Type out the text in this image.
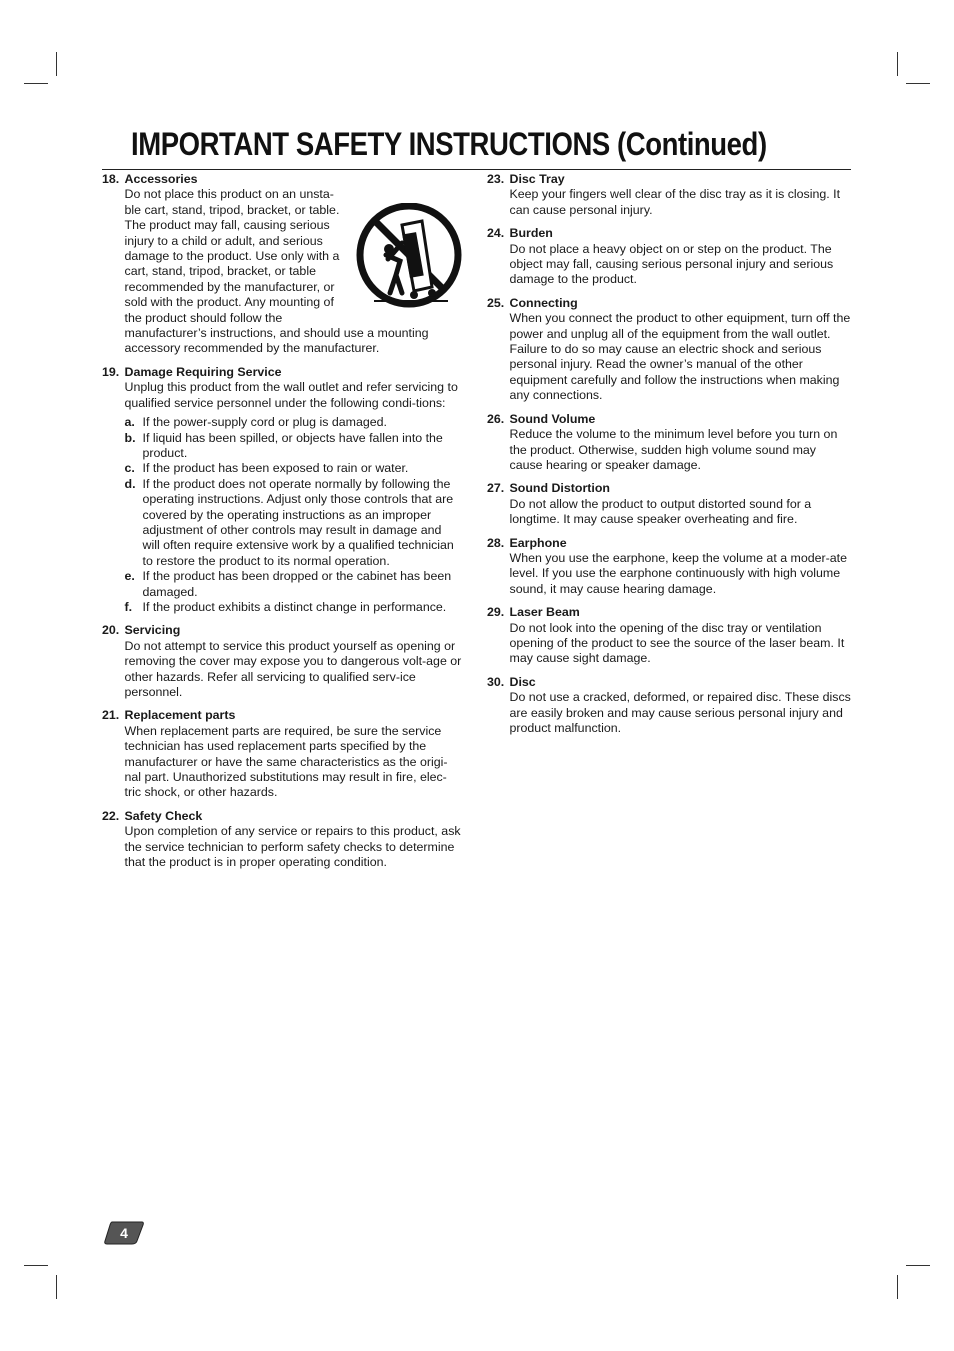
IMPORTANT SAFETY INSTRUCTIONS (Continued)
18. Accessories
Do not place this product on an unsta-ble cart, stand, tripod, bracket, or table. The product may fall, causing serious injury to a child or adult, and serious damage to the product. Use only with a cart, stand, tripod, bracket, or table recommended by the manufacturer, or sold with the product. Any mounting of the product should follow the manufacturer’s instructions, and should use a mounting accessory recommended by the manufacturer.
19. Damage Requiring Service
Unplug this product from the wall outlet and refer servicing to qualified service personnel under the following condi-tions:
a. If the power-supply cord or plug is damaged.
b. If liquid has been spilled, or objects have fallen into the product.
c. If the product has been exposed to rain or water.
d. If the product does not operate normally by following the operating instructions. Adjust only those controls that are covered by the operating instructions as an improper adjustment of other controls may result in damage and will often require extensive work by a qualified technician to restore the product to its normal operation.
e. If the product has been dropped or the cabinet has been damaged.
f. If the product exhibits a distinct change in performance.
20. Servicing
Do not attempt to service this product yourself as opening or removing the cover may expose you to dangerous volt-age or other hazards. Refer all servicing to qualified serv-ice personnel.
21. Replacement parts
When replacement parts are required, be sure the service technician has used replacement parts specified by the manufacturer or have the same characteristics as the origi-nal part. Unauthorized substitutions may result in fire, elec-tric shock, or other hazards.
22. Safety Check
Upon completion of any service or repairs to this product, ask the service technician to perform safety checks to determine that the product is in proper operating condition.
23. Disc Tray
Keep your fingers well clear of the disc tray as it is closing. It can cause personal injury.
24. Burden
Do not place a heavy object on or step on the product. The object may fall, causing serious personal injury and serious damage to the product.
25. Connecting
When you connect the product to other equipment, turn off the power and unplug all of the equipment from the wall outlet. Failure to do so may cause an electric shock and serious personal injury. Read the owner’s manual of the other equipment carefully and follow the instructions when making any connections.
26. Sound Volume
Reduce the volume to the minimum level before you turn on the product. Otherwise, sudden high volume sound may cause hearing or speaker damage.
27. Sound Distortion
Do not allow the product to output distorted sound for a longtime. It may cause speaker overheating and fire.
28. Earphone
When you use the earphone, keep the volume at a moder-ate level. If you use the earphone continuously with high volume sound, it may cause hearing damage.
29. Laser Beam
Do not look into the opening of the disc tray or ventilation opening of the product to see the source of the laser beam. It may cause sight damage.
30. Disc
Do not use a cracked, deformed, or repaired disc. These discs are easily broken and may cause serious personal injury and product malfunction.
4
